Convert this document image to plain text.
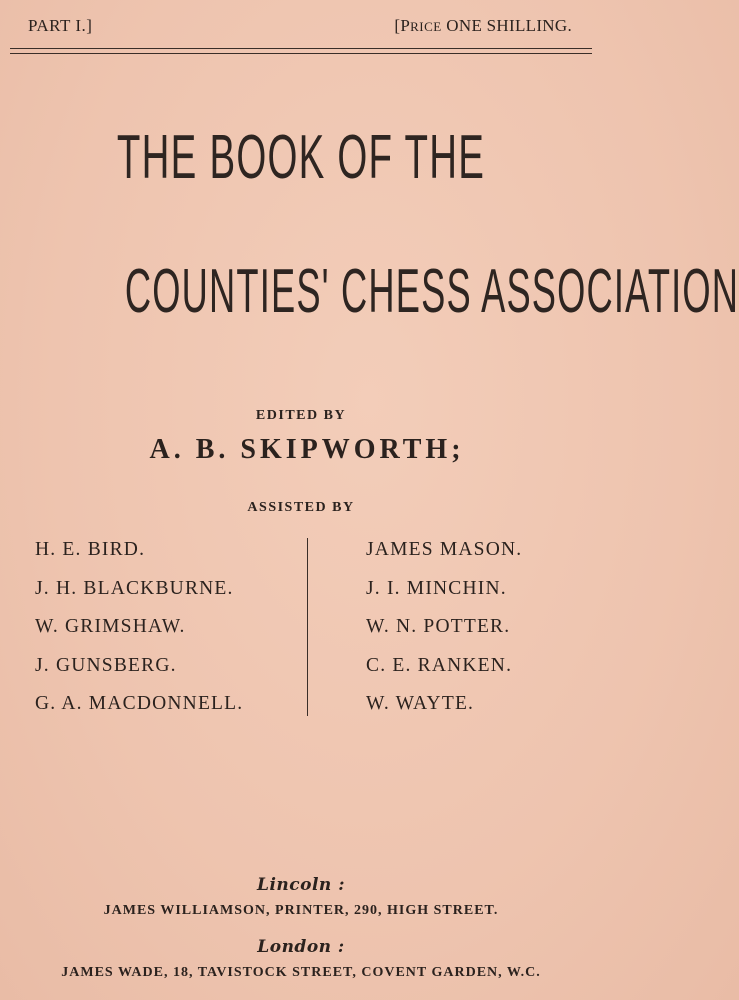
PART I.]	[PRICE ONE SHILLING.
THE BOOK OF THE
COUNTIES' CHESS ASSOCIATION
EDITED BY
A. B. SKIPWORTH;
ASSISTED BY
H. E. BIRD.
J. H. BLACKBURNE.
W. GRIMSHAW.
J. GUNSBERG.
G. A. MACDONNELL.
JAMES MASON.
J. I. MINCHIN.
W. N. POTTER.
C. E. RANKEN.
W. WAYTE.
Lincoln :
JAMES WILLIAMSON, PRINTER, 290, HIGH STREET.
London :
JAMES WADE, 18, TAVISTOCK STREET, COVENT GARDEN, W.C.
